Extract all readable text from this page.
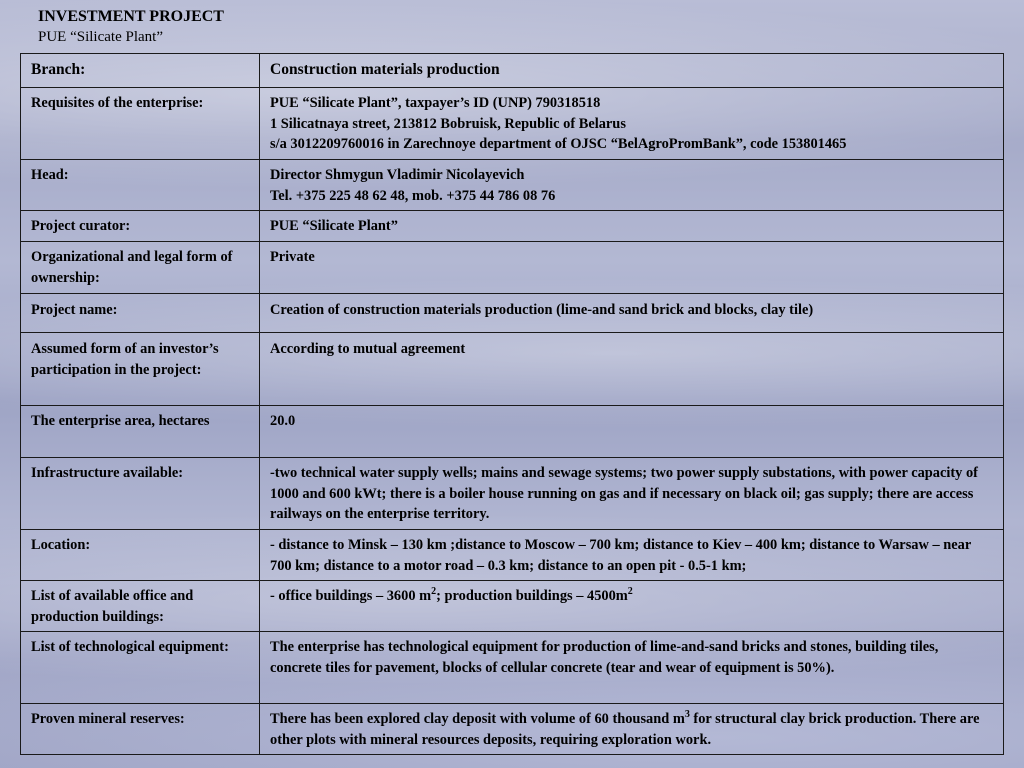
INVESTMENT PROJECT
PUE “Silicate Plant”
Branch:	Construction materials production
Requisites of the enterprise:	PUE “Silicate Plant”, taxpayer’s ID (UNP) 790318518
1 Silicatnaya street, 213812 Bobruisk, Republic of Belarus
s/a 3012209760016 in Zarechnoye department of OJSC “BelAgroPromBank”, code 153801465

Head:	Director Shmygun Vladimir Nicolayevich
Tel. +375 225 48 62 48, mob. +375 44 786 08 76

Project curator:	PUE “Silicate Plant”
Organizational and legal form of ownership:	Private
Project name:	Creation of construction materials production (lime-and sand brick and blocks, clay tile)
Assumed form of an investor’s participation in the project:	According to mutual agreement
The enterprise area, hectares	20.0
Infrastructure available:	-two technical water supply wells; mains and sewage systems; two power supply substations, with power capacity of 1000 and 600 kWt; there is a boiler house running on gas and if necessary on black oil; gas supply; there are access railways on the enterprise territory.
Location:	- distance to Minsk – 130 km ;distance to Moscow – 700 km; distance to Kiev – 400 km; distance to Warsaw – near 700 km; distance to a motor road – 0.3 km; distance to an open pit - 0.5-1 km;
List of available office and production buildings:	- office buildings – 3600 $m^2$; production buildings – $4500m^2$
List of technological equipment:	The enterprise has technological equipment for production of lime-and-sand bricks and stones, building tiles, concrete tiles for pavement, blocks of cellular concrete (tear and wear of equipment is 50%).
Proven mineral reserves:	There has been explored clay deposit with volume of 60 thousand $m^3$ for structural clay brick production. There are other plots with mineral resources deposits, requiring exploration work.
